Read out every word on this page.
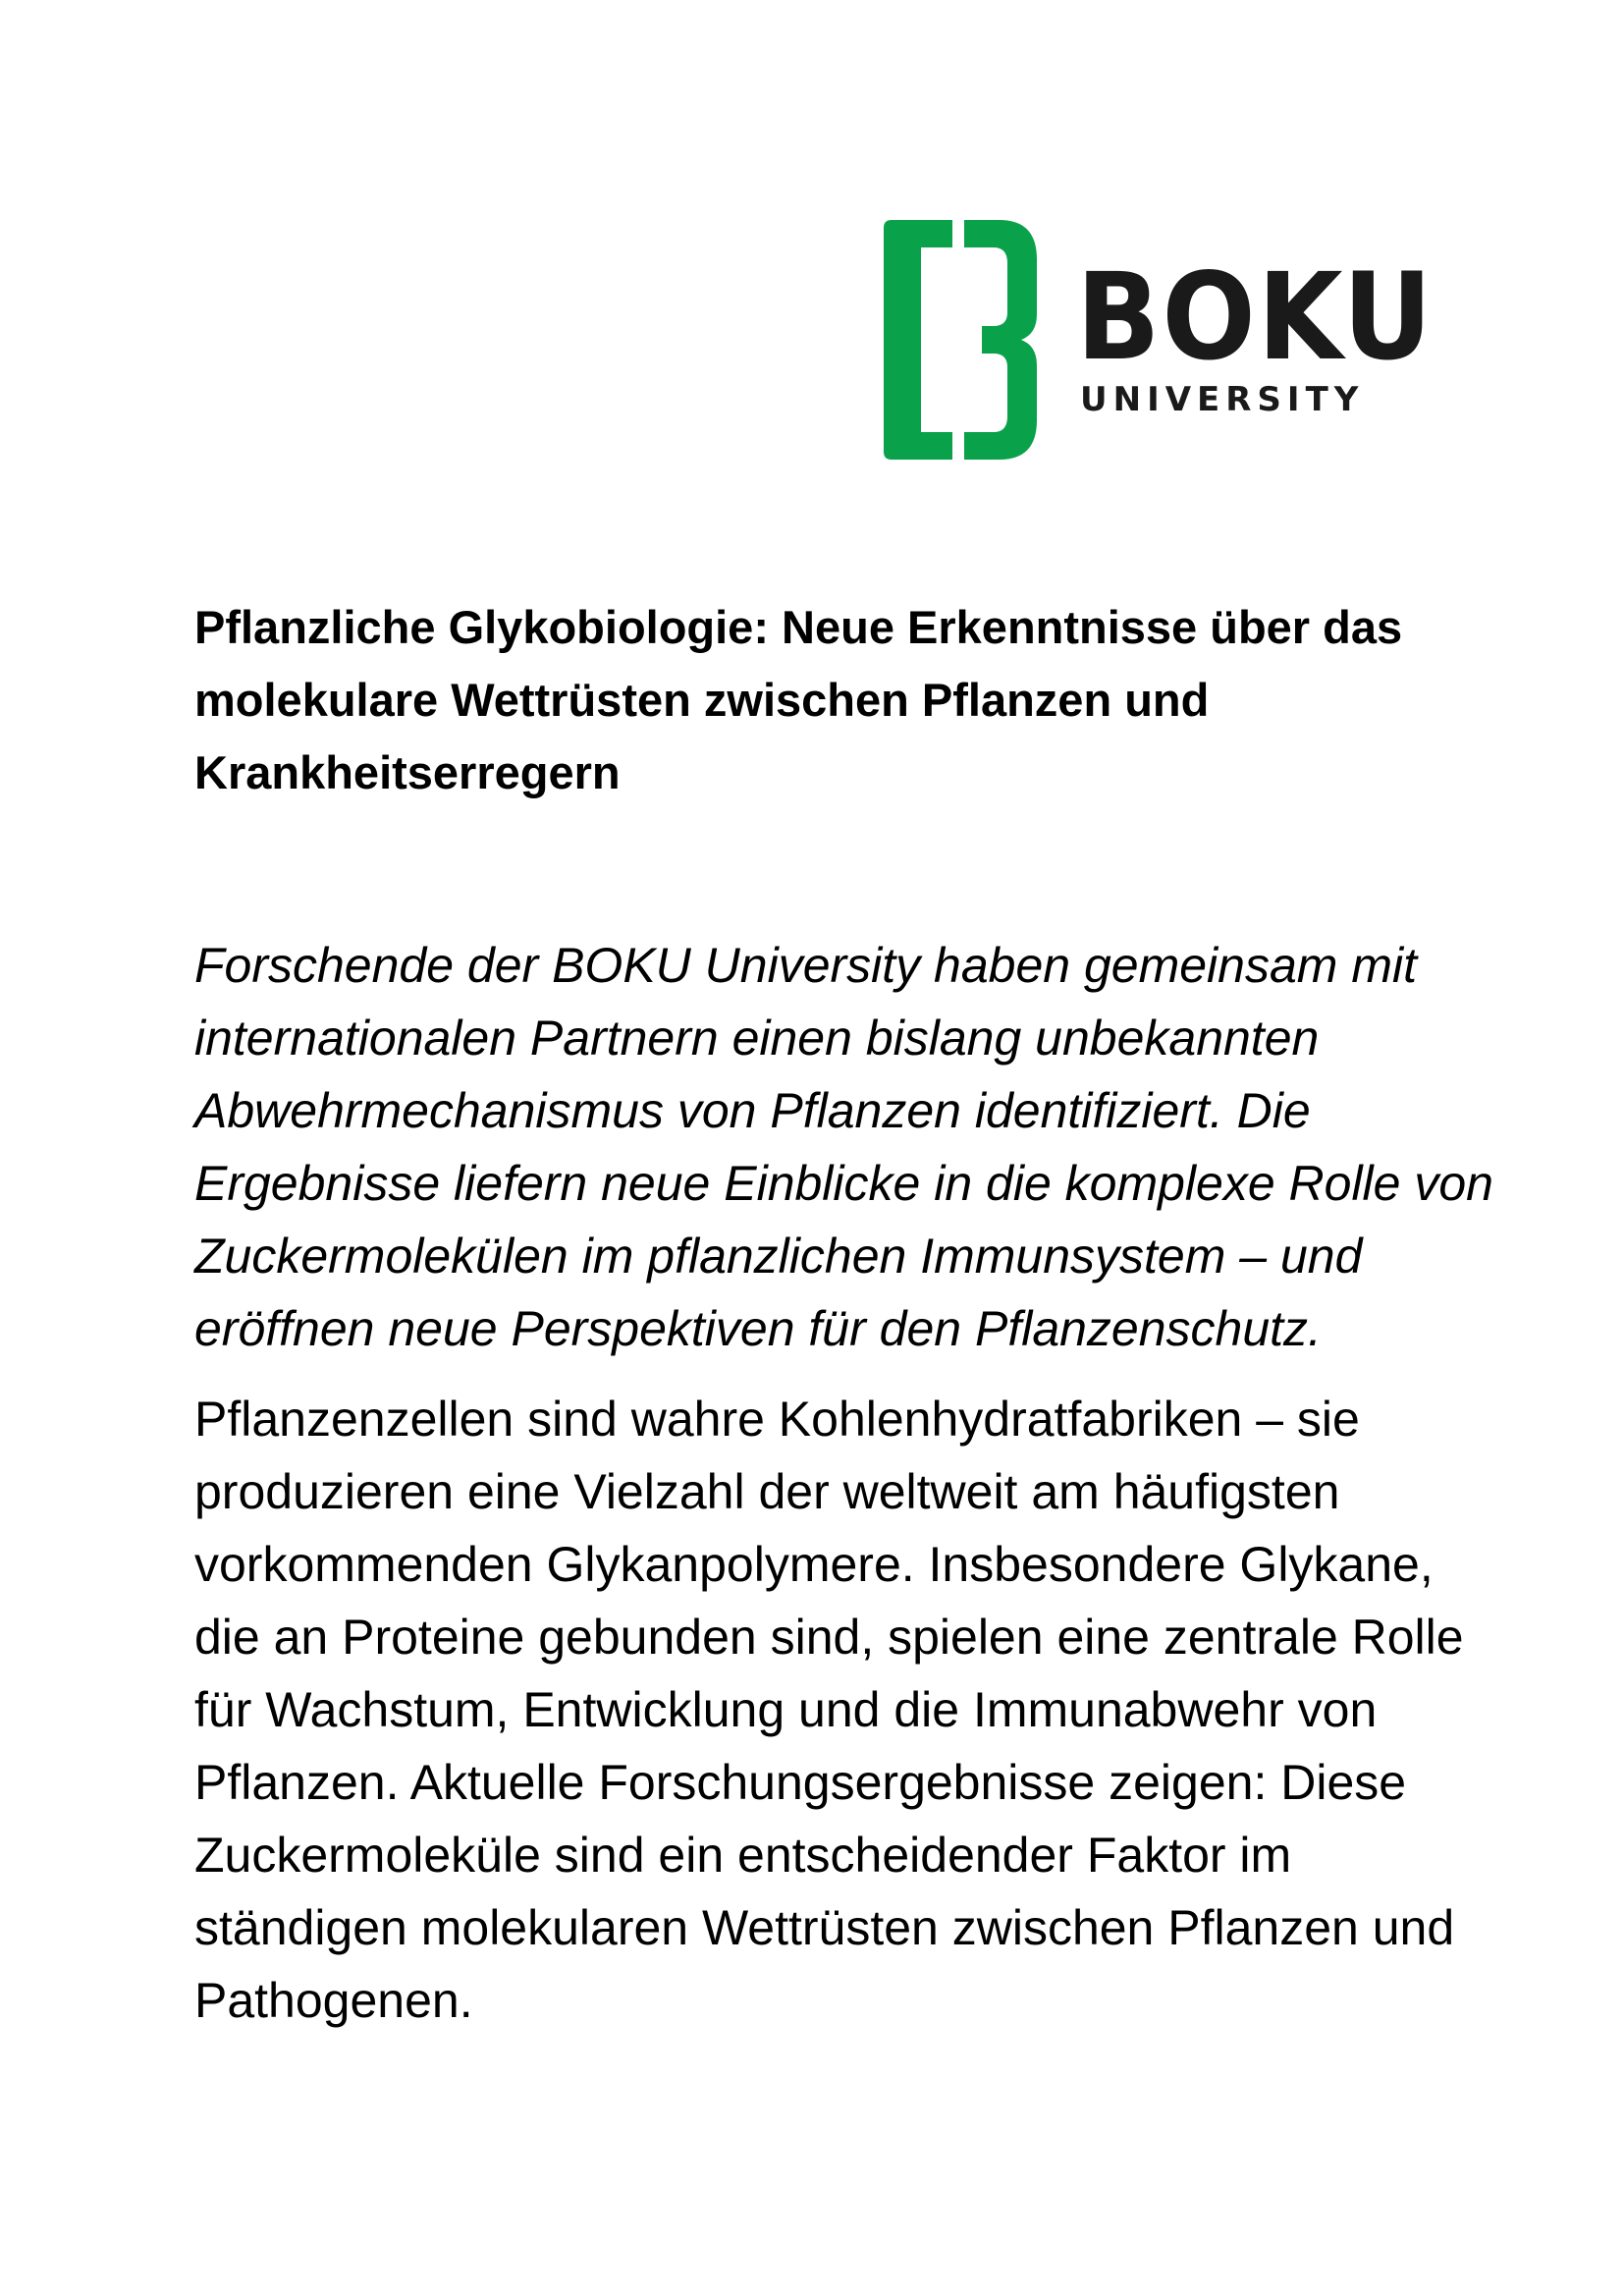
BOKU
UNIVERSITY
Pflanzliche Glykobiologie: Neue Erkenntnisse über das molekulare Wettrüsten zwischen Pflanzen und Krankheitserregern

Forschende der BOKU University haben gemeinsam mit internationalen Partnern einen bislang unbekannten Abwehrmechanismus von Pflanzen identifiziert. Die Ergebnisse liefern neue Einblicke in die komplexe Rolle von Zuckermolekülen im pflanzlichen Immunsystem – und eröffnen neue Perspektiven für den Pflanzenschutz.

Pflanzenzellen sind wahre Kohlenhydratfabriken – sie produzieren eine Vielzahl der weltweit am häufigsten vorkommenden Glykanpolymere. Insbesondere Glykane, die an Proteine gebunden sind, spielen eine zentrale Rolle für Wachstum, Entwicklung und die Immunabwehr von Pflanzen. Aktuelle Forschungsergebnisse zeigen: Diese Zuckermoleküle sind ein entscheidender Faktor im ständigen molekularen Wettrüsten zwischen Pflanzen und Pathogenen.
